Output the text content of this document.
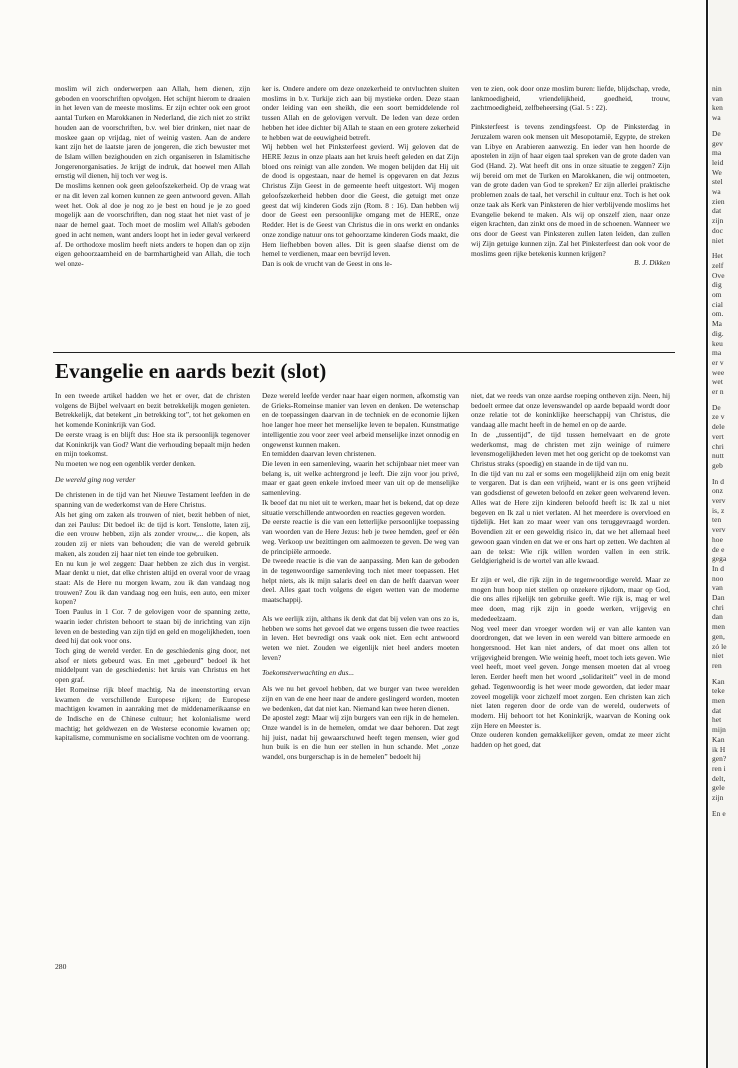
moslim wil zich onderwerpen aan Allah, hem dienen, zijn geboden en voorschriften opvolgen. Het schijnt hierom te draaien in het leven van de meeste moslims. Er zijn echter ook een groot aantal Turken en Marokkanen in Nederland, die zich niet zo strikt houden aan de voorschriften, b.v. wel bier drinken, niet naar de moskee gaan op vrijdag, niet of weinig vasten. Aan de andere kant zijn het de laatste jaren de jongeren, die zich bewuster met de Islam willen bezighouden en zich organiseren in Islamitische Jongerenorganisaties. Je krijgt de indruk, dat hoewel men Allah ernstig wil dienen, hij toch ver weg is.

De moslims kennen ook geen geloofszekerheid. Op de vraag wat er na dit leven zal komen kunnen ze geen antwoord geven. Allah weet het. Ook al doe je nog zo je best en houd je je zo goed mogelijk aan de voorschriften, dan nog staat het niet vast of je naar de hemel gaat. Toch moet de moslim wel Allah's geboden goed in acht nemen, want anders loopt het in ieder geval verkeerd af. De orthodoxe moslim heeft niets anders te hopen dan op zijn eigen gehoorzaamheid en de barmhartigheid van Allah, die toch wel onze-

ker is. Ondere andere om deze onzekerheid te ontvluchten sluiten moslims in b.v. Turkije zich aan bij mystieke orden. Deze staan onder leiding van een sheikh, die een soort bemiddelende rol tussen Allah en de gelovigen vervult. De leden van deze orden hebben het idee dichter bij Allah te staan en een grotere zekerheid te hebben wat de eeuwigheid betreft.

Wij hebben wel het Pinksterfeest gevierd. Wij geloven dat de HERE Jezus in onze plaats aan het kruis heeft geleden en dat Zijn bloed ons reinigt van alle zonden. We mogen belijden dat Hij uit de dood is opgestaan, naar de hemel is opgevaren en dat Jezus Christus Zijn Geest in de gemeente heeft uitgestort. Wij mogen geloofszekerheid hebben door die Geest, die getuigt met onze geest dat wij kinderen Gods zijn (Rom. 8 : 16). Dan hebben wij door de Geest een persoonlijke omgang met de HERE, onze Redder. Het is de Geest van Christus die in ons werkt en ondanks onze zondige natuur ons tot gehoorzame kinderen Gods maakt, die Hem liefhebben boven alles. Dit is geen slaafse dienst om de hemel te verdienen, maar een bevrijd leven.

Dan is ook de vrucht van de Geest in ons le-

ven te zien, ook door onze moslim buren: liefde, blijdschap, vrede, lankmoedigheid, vriendelijkheid, goedheid, trouw, zachtmoedigheid, zelfbeheersing (Gal. 5 : 22).

Pinksterfeest is tevens zendingsfeest. Op de Pinksterdag in Jeruzalem waren ook mensen uit Mesopotamië, Egypte, de streken van Libye en Arabieren aanwezig. En ieder van hen hoorde de apostelen in zijn of haar eigen taal spreken van de grote daden van God (Hand. 2). Wat heeft dit ons in onze situatie te zeggen? Zijn wij bereid om met de Turken en Marokkanen, die wij ontmoeten, van de grote daden van God te spreken? Er zijn allerlei praktische problemen zoals de taal, het verschil in cultuur enz. Toch is het ook onze taak als Kerk van Pinksteren de hier verblijvende moslims het Evangelie bekend te maken. Als wij op onszelf zien, naar onze eigen krachten, dan zinkt ons de moed in de schoenen. Wanneer we ons door de Geest van Pinksteren zullen laten leiden, dan zullen wij Zijn getuige kunnen zijn. Zal het Pinksterfeest dan ook voor de moslims geen rijke betekenis kunnen krijgen?

B. J. Dikken

Evangelie en aards bezit (slot)

In een tweede artikel hadden we het er over, dat de christen volgens de Bijbel welvaart en bezit betrekkelijk mogen genieten. Betrekkelijk, dat betekent „in betrekking tot”, tot het gekomen en het komende Koninkrijk van God.

De eerste vraag is en blijft dus: Hoe sta ik persoonlijk tegenover dat Koninkrijk van God? Want die verhouding bepaalt mijn heden en mijn toekomst.

Nu moeten we nog een ogenblik verder denken.

De wereld ging nog verder

De christenen in de tijd van het Nieuwe Testament leefden in de spanning van de wederkomst van de Here Christus.

Als het ging om zaken als trouwen of niet, bezit hebben of niet, dan zei Paulus: Dit bedoel ik: de tijd is kort. Tenslotte, laten zij, die een vrouw hebben, zijn als zonder vrouw,... die kopen, als zouden zij er niets van behouden; die van de wereld gebruik maken, als zouden zij haar niet ten einde toe gebruiken.

En nu kun je wel zeggen: Daar hebben ze zich dus in vergist. Maar denkt u niet, dat elke christen altijd en overal voor de vraag staat: Als de Here nu morgen kwam, zou ik dan vandaag nog trouwen? Zou ik dan vandaag nog een huis, een auto, een mixer kopen?

Toen Paulus in 1 Cor. 7 de gelovigen voor de spanning zette, waarin ieder christen behoort te staan bij de inrichting van zijn leven en de besteding van zijn tijd en geld en mogelijkheden, toen deed hij dat ook voor ons.

Toch ging de wereld verder. En de geschiedenis ging door, net alsof er niets gebeurd was. En met „gebeurd” bedoel ik het middelpunt van de geschiedenis: het kruis van Christus en het open graf.

Het Romeinse rijk bleef machtig. Na de ineenstorting ervan kwamen de verschillende Europese rijken; de Europese machtigen kwamen in aanraking met de middenamerikaanse en de Indische en de Chinese cultuur; het kolonialisme werd machtig; het geldwezen en de Westerse economie kwamen op; kapitalisme, communisme en socialisme vochten om de voorrang.

Deze wereld leefde verder naar haar eigen normen, afkomstig van de Grieks-Romeinse manier van leven en denken. De wetenschap en de toepassingen daarvan in de techniek en de economie lijken hoe langer hoe meer het menselijke leven te bepalen. Kunstmatige intelligentie zou voor zeer veel arbeid menselijke inzet onnodig en ongewenst kunnen maken.

En temidden daarvan leven christenen.

Die leven in een samenleving, waarin het schijnbaar niet meer van belang is, uit welke achtergrond je leeft. Die zijn voor jou privé, maar er gaat geen enkele invloed meer van uit op de menselijke samenleving.

Ik beoef dat nu niet uit te werken, maar het is bekend, dat op deze situatie verschillende antwoorden en reacties gegeven worden.

De eerste reactie is die van een letterlijke persoonlijke toepassing van woorden van de Here Jezus: heb je twee hemden, geef er één weg. Verkoop uw bezittingen om aalmoezen te geven. De weg van de principiële armoede.

De tweede reactie is die van de aanpassing. Men kan de geboden in de tegenwoordige samenleving toch niet meer toepassen. Het helpt niets, als ik mijn salaris deel en dan de helft daarvan weer deel. Alles gaat toch volgens de eigen wetten van de moderne maatschappij.

Als we eerlijk zijn, althans ik denk dat dat bij velen van ons zo is, hebben we soms het gevoel dat we ergens tussen die twee reacties in leven. Het bevredigt ons vaak ook niet. Een echt antwoord weten we niet. Zouden we eigenlijk niet heel anders moeten leven?

Toekomstverwachting en dus...

Als we nu het gevoel hebben, dat we burger van twee werelden zijn en van de ene heer naar de andere geslingerd worden, moeten we bedenken, dat dat niet kan. Niemand kan twee heren dienen.

De apostel zegt: Maar wij zijn burgers van een rijk in de hemelen. Onze wandel is in de hemelen, omdat we daar behoren. Dat zegt hij juist, nadat hij gewaarschuwd heeft tegen mensen, wier god hun buik is en die hun eer stellen in hun schande. Met „onze wandel, ons burgerschap is in de hemelen” bedoelt hij

niet, dat we reeds van onze aardse roeping ontheven zijn. Neen, hij bedoelt ermee dat onze levenswandel op aarde bepaald wordt door onze relatie tot de koninklijke heerschappij van Christus, die vandaag alle macht heeft in de hemel en op de aarde.

In de „tussentijd”, de tijd tussen hemelvaart en de grote wederkomst, mag de christen met zijn weinige of ruimere levensmogelijkheden leven met het oog gericht op de toekomst van Christus straks (spoedig) en staande in de tijd van nu.

In die tijd van nu zal er soms een mogelijkheid zijn om enig bezit te vergaren. Dat is dan een vrijheid, want er is ons geen vrijheid van godsdienst of geweten beloofd en zeker geen welvarend leven. Alles wat de Here zijn kinderen beloofd heeft is: Ik zal u niet begeven en Ik zal u niet verlaten. Al het meerdere is overvloed en tijdelijk. Het kan zo maar weer van ons teruggevraagd worden. Bovendien zit er een geweldig risico in, dat we het allemaal heel gewoon gaan vinden en dat we er ons hart op zetten. We dachten al aan de tekst: Wie rijk willen worden vallen in een strik. Geldgierigheid is de wortel van alle kwaad.

Er zijn er wel, die rijk zijn in de tegenwoordige wereld. Maar ze mogen hun hoop niet stellen op onzekere rijkdom, maar op God, die ons alles rijkelijk ten gebruike geeft. Wie rijk is, mag er wel mee doen, mag rijk zijn in goede werken, vrijgevig en mededeelzaam.

Nog veel meer dan vroeger worden wij er van alle kanten van doordrongen, dat we leven in een wereld van bittere armoede en hongersnood. Het kan niet anders, of dat moet ons allen tot vrijgevigheid brengen. Wie weinig heeft, moet toch iets geven. Wie veel heeft, moet veel geven. Jonge mensen moeten dat al vroeg leren. Eerder heeft men het woord „solidariteit” veel in de mond gehad. Tegenwoordig is het weer mode geworden, dat ieder maar zoveel mogelijk voor zichzelf moet zorgen. Een christen kan zich niet laten regeren door de orde van de wereld, ouderwets of modern. Hij behoort tot het Koninkrijk, waarvan de Koning ook zijn Here en Meester is.

Onze ouderen konden gemakkelijker geven, omdat ze meer zicht hadden op het goed, dat

280
nin
van
ken
wa
De
gev
ma
leid
We
stel
wa
zien
dat
zijn
doc
niet
Het
zelf
Ove
dig
om
cial
om.
Ma
dig.
keu
ma
er v
wee
wet
er n
De
ze v
dele
vert
chri
nutt
geb
In d
onz
verv
is, z
ten
verv
hoe
de e
gega
In d
noo
van
Dan
chri
dan
men
gen,
zó le
niet
ren
Kan
teke
men
dat
het
mijn
Kan
ik H
gen?
ren i
delt,
gele
zijn
En e
